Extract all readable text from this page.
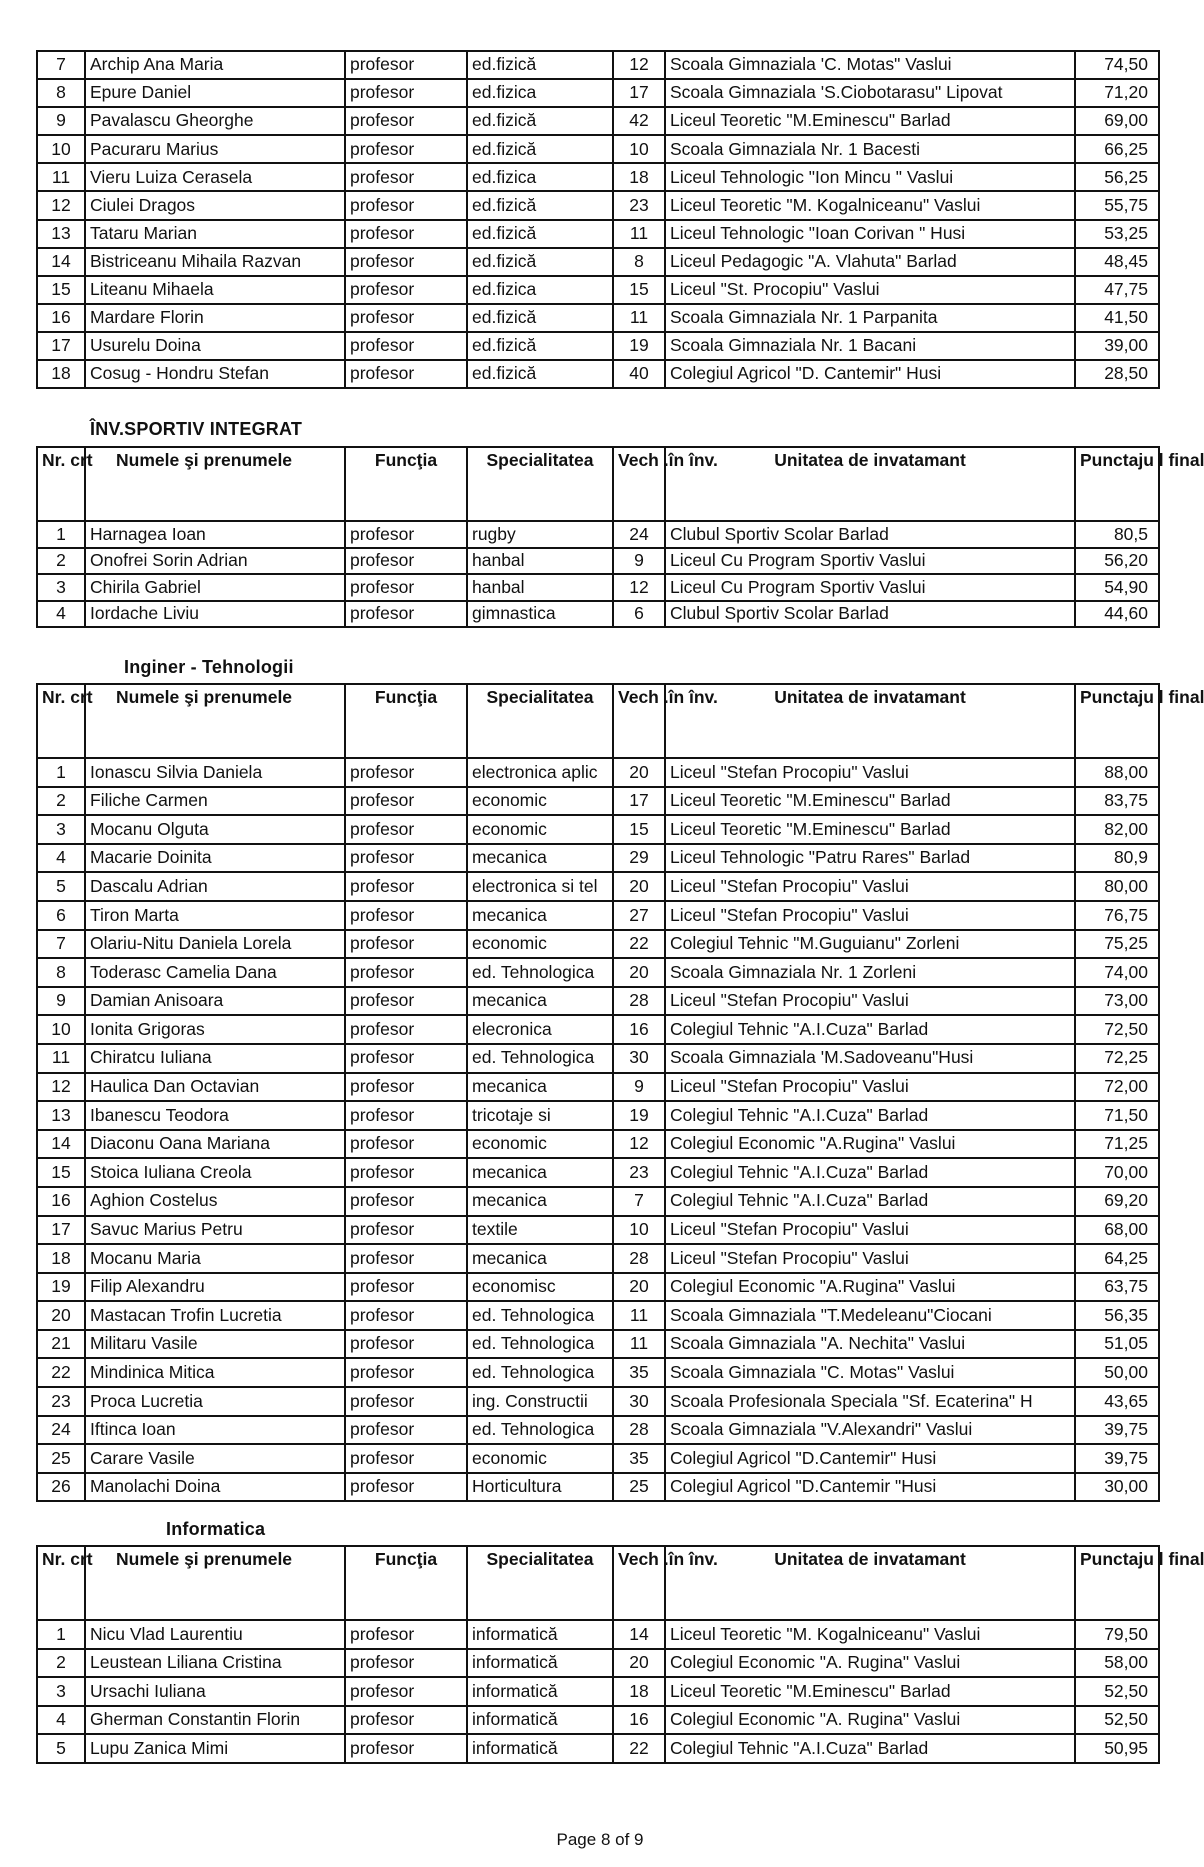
7	Archip Ana Maria	profesor	ed.fizică	12	Scoala Gimnaziala 'C. Motas" Vaslui	74,50
8	Epure Daniel	profesor	ed.fizica	17	Scoala Gimnaziala 'S.Ciobotarasu" Lipovat	71,20
9	Pavalascu Gheorghe	profesor	ed.fizică	42	Liceul Teoretic "M.Eminescu" Barlad	69,00
10	Pacuraru Marius	profesor	ed.fizică	10	Scoala Gimnaziala Nr. 1 Bacesti	66,25
11	Vieru Luiza Cerasela	profesor	ed.fizica	18	Liceul Tehnologic "Ion Mincu " Vaslui	56,25
12	Ciulei Dragos	profesor	ed.fizică	23	Liceul Teoretic "M. Kogalniceanu" Vaslui	55,75
13	Tataru Marian	profesor	ed.fizică	11	Liceul Tehnologic "Ioan Corivan " Husi	53,25
14	Bistriceanu Mihaila Razvan	profesor	ed.fizică	8	Liceul Pedagogic "A. Vlahuta" Barlad	48,45
15	Liteanu Mihaela	profesor	ed.fizica	15	Liceul "St. Procopiu" Vaslui	47,75
16	Mardare Florin	profesor	ed.fizică	11	Scoala Gimnaziala Nr. 1 Parpanita	41,50
17	Usurelu Doina	profesor	ed.fizică	19	Scoala Gimnaziala Nr. 1 Bacani	39,00
18	Cosug - Hondru Stefan	profesor	ed.fizică	40	Colegiul Agricol "D. Cantemir" Husi	28,50
ÎNV.SPORTIV INTEGRAT
Nr. crt	Numele şi prenumele	Funcţia	Specialitatea	Vech .în înv.	Unitatea de invatamant	Punctaju l final
1	Harnagea Ioan	profesor	rugby	24	Clubul Sportiv Scolar Barlad	80,5
2	Onofrei Sorin Adrian	profesor	hanbal	9	Liceul Cu Program Sportiv Vaslui	56,20
3	Chirila Gabriel	profesor	hanbal	12	Liceul Cu Program Sportiv Vaslui	54,90
4	Iordache Liviu	profesor	gimnastica	6	Clubul Sportiv Scolar Barlad	44,60
Inginer - Tehnologii
Nr. crt	Numele şi prenumele	Funcţia	Specialitatea	Vech .în înv.	Unitatea de invatamant	Punctaju l final
1	Ionascu Silvia Daniela	profesor	electronica aplic	20	Liceul "Stefan Procopiu" Vaslui	88,00
2	Filiche Carmen	profesor	economic	17	Liceul Teoretic "M.Eminescu" Barlad	83,75
3	Mocanu Olguta	profesor	economic	15	Liceul Teoretic "M.Eminescu" Barlad	82,00
4	Macarie Doinita	profesor	mecanica	29	Liceul Tehnologic "Patru Rares" Barlad	80,9
5	Dascalu Adrian	profesor	electronica si tel	20	Liceul "Stefan Procopiu" Vaslui	80,00
6	Tiron Marta	profesor	mecanica	27	Liceul "Stefan Procopiu" Vaslui	76,75
7	Olariu-Nitu Daniela Lorela	profesor	economic	22	Colegiul Tehnic "M.Guguianu" Zorleni	75,25
8	Toderasc Camelia Dana	profesor	ed. Tehnologica	20	Scoala Gimnaziala Nr. 1 Zorleni	74,00
9	Damian Anisoara	profesor	mecanica	28	Liceul "Stefan Procopiu" Vaslui	73,00
10	Ionita Grigoras	profesor	elecronica	16	Colegiul Tehnic "A.I.Cuza" Barlad	72,50
11	Chiratcu Iuliana	profesor	ed. Tehnologica	30	Scoala Gimnaziala 'M.Sadoveanu"Husi	72,25
12	Haulica Dan Octavian	profesor	mecanica	9	Liceul "Stefan Procopiu" Vaslui	72,00
13	Ibanescu Teodora	profesor	tricotaje si	19	Colegiul Tehnic "A.I.Cuza" Barlad	71,50
14	Diaconu Oana Mariana	profesor	economic	12	Colegiul Economic "A.Rugina" Vaslui	71,25
15	Stoica Iuliana Creola	profesor	mecanica	23	Colegiul Tehnic "A.I.Cuza" Barlad	70,00
16	Aghion Costelus	profesor	mecanica	7	Colegiul Tehnic "A.I.Cuza" Barlad	69,20
17	Savuc Marius Petru	profesor	textile	10	Liceul "Stefan Procopiu" Vaslui	68,00
18	Mocanu Maria	profesor	mecanica	28	Liceul "Stefan Procopiu" Vaslui	64,25
19	Filip Alexandru	profesor	economisc	20	Colegiul Economic "A.Rugina" Vaslui	63,75
20	Mastacan Trofin Lucretia	profesor	ed. Tehnologica	11	Scoala Gimnaziala "T.Medeleanu"Ciocani	56,35
21	Militaru Vasile	profesor	ed. Tehnologica	11	Scoala Gimnaziala "A. Nechita" Vaslui	51,05
22	Mindinica Mitica	profesor	ed. Tehnologica	35	Scoala Gimnaziala "C. Motas" Vaslui	50,00
23	Proca Lucretia	profesor	ing. Constructii	30	Scoala Profesionala Speciala "Sf. Ecaterina" H	43,65
24	Iftinca Ioan	profesor	ed. Tehnologica	28	Scoala Gimnaziala "V.Alexandri" Vaslui	39,75
25	Carare Vasile	profesor	economic	35	Colegiul Agricol "D.Cantemir" Husi	39,75
26	Manolachi Doina	profesor	Horticultura	25	Colegiul Agricol "D.Cantemir "Husi	30,00
Informatica
Nr. crt	Numele şi prenumele	Funcţia	Specialitatea	Vech .în înv.	Unitatea de invatamant	Punctaju l final
1	Nicu Vlad Laurentiu	profesor	informatică	14	Liceul Teoretic "M. Kogalniceanu" Vaslui	79,50
2	Leustean Liliana Cristina	profesor	informatică	20	Colegiul Economic "A. Rugina" Vaslui	58,00
3	Ursachi Iuliana	profesor	informatică	18	Liceul Teoretic "M.Eminescu" Barlad	52,50
4	Gherman Constantin Florin	profesor	informatică	16	Colegiul Economic "A. Rugina" Vaslui	52,50
5	Lupu Zanica Mimi	profesor	informatică	22	Colegiul Tehnic "A.I.Cuza" Barlad	50,95
Page 8 of 9
